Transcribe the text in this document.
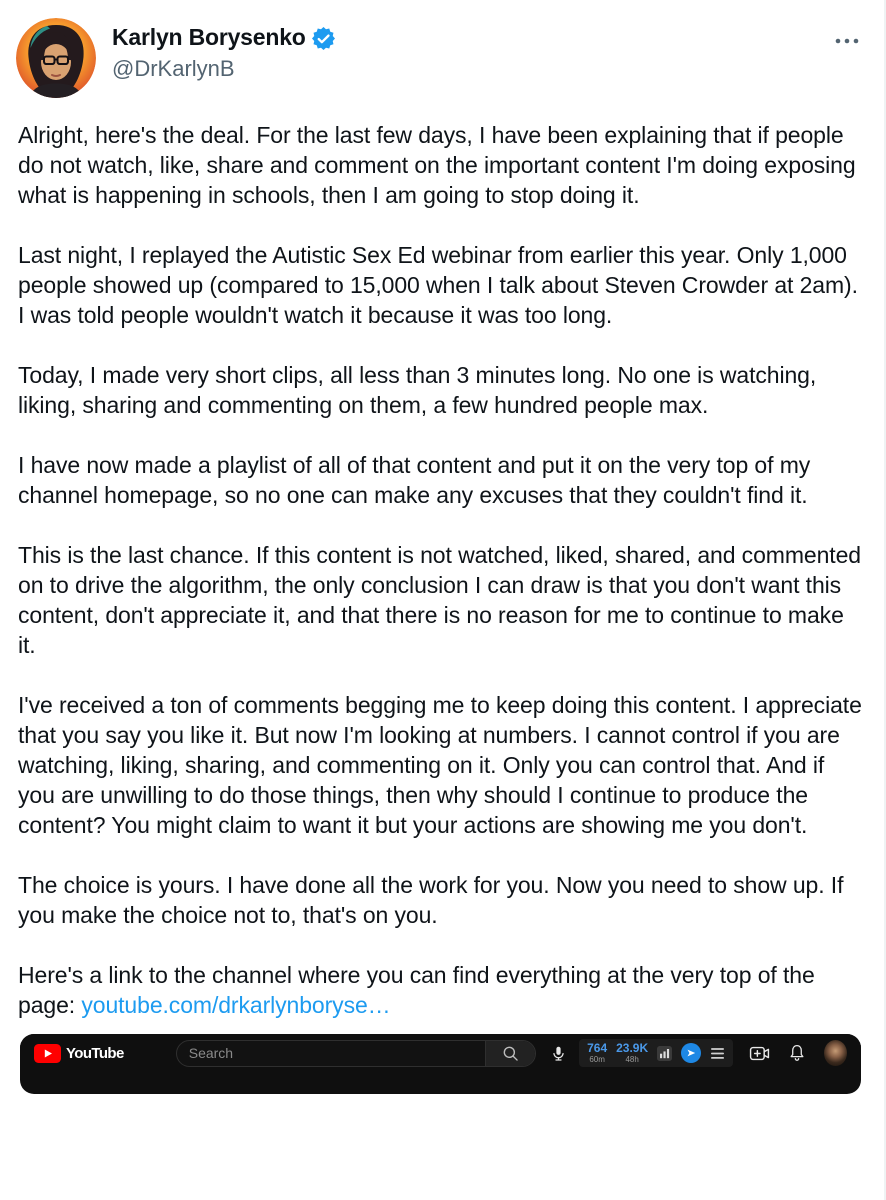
Karlyn Borysenko
@DrKarlynB

Alright, here's the deal. For the last few days, I have been explaining that if people do not watch, like, share and comment on the important content I'm doing exposing what is happening in schools, then I am going to stop doing it.

Last night, I replayed the Autistic Sex Ed webinar from earlier this year. Only 1,000 people showed up (compared to 15,000 when I talk about Steven Crowder at 2am). I was told people wouldn't watch it because it was too long.

Today, I made very short clips, all less than 3 minutes long. No one is watching, liking, sharing and commenting on them, a few hundred people max.

I have now made a playlist of all of that content and put it on the very top of my channel homepage, so no one can make any excuses that they couldn't find it.

This is the last chance. If this content is not watched, liked, shared, and commented on to drive the algorithm, the only conclusion I can draw is that you don't want this content, don't appreciate it, and that there is no reason for me to continue to make it.

I've received a ton of comments begging me to keep doing this content. I appreciate that you say you like it. But now I'm looking at numbers. I cannot control if you are watching, liking, sharing, and commenting on it. Only you can control that. And if you are unwilling to do those things, then why should I continue to produce the content? You might claim to want it but your actions are showing me you don't.

The choice is yours. I have done all the work for you. Now you need to show up. If you make the choice not to, that's on you.

Here's a link to the channel where you can find everything at the very top of the page: youtube.com/drkarlynboryse…

YouTube
Search	764
60m
23.9K
48h
